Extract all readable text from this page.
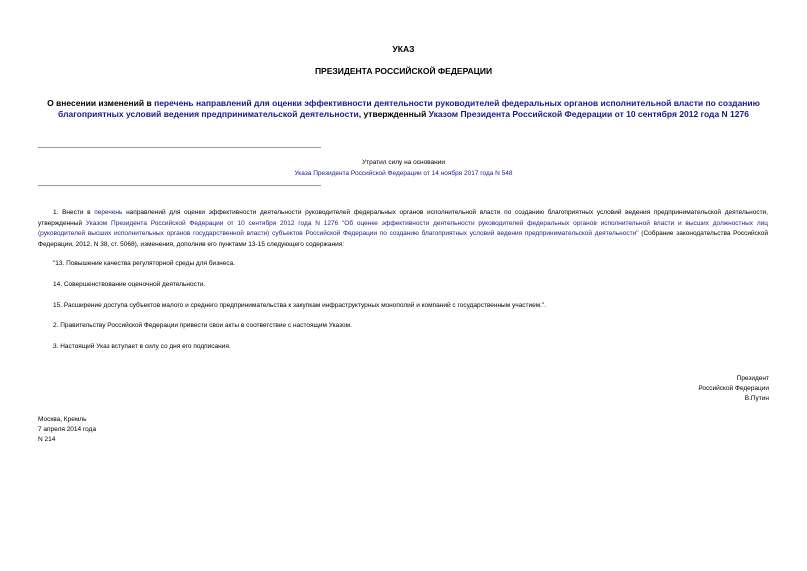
УКАЗ
ПРЕЗИДЕНТА РОССИЙСКОЙ ФЕДЕРАЦИИ
О внесении изменений в перечень направлений для оценки эффективности деятельности руководителей федеральных органов исполнительной власти по созданию благоприятных условий ведения предпринимательской деятельности, утвержденный Указом Президента Российской Федерации от 10 сентября 2012 года N 1276
Утратил силу на основании
Указа Президента Российской Федерации от 14 ноября 2017 года N 548
1. Внести в перечень направлений для оценки эффективности деятельности руководителей федеральных органов исполнительной власти по созданию благоприятных условий ведения предпринимательской деятельности, утвержденный Указом Президента Российской Федерации от 10 сентября 2012 года N 1276 "Об оценке эффективности деятельности руководителей федеральных органов исполнительной власти и высших должностных лиц (руководителей высших исполнительных органов государственной власти) субъектов Российской Федерации по созданию благоприятных условий ведения предпринимательской деятельности" (Собрание законодательства Российской Федерации, 2012, N 38, ст. 5068), изменения, дополнив его пунктами 13-15 следующего содержания:
"13. Повышение качества регуляторной среды для бизнеса.
14. Совершенствование оценочной деятельности.
15. Расширение доступа субъектов малого и среднего предпринимательства к закупкам инфраструктурных монополий и компаний с государственным участием.".
2. Правительству Российской Федерации привести свои акты в соответствие с настоящим Указом.
3. Настоящий Указ вступает в силу со дня его подписания.
Президент
Российской Федерации
В.Путин
Москва, Кремль
7 апреля 2014 года
N 214
